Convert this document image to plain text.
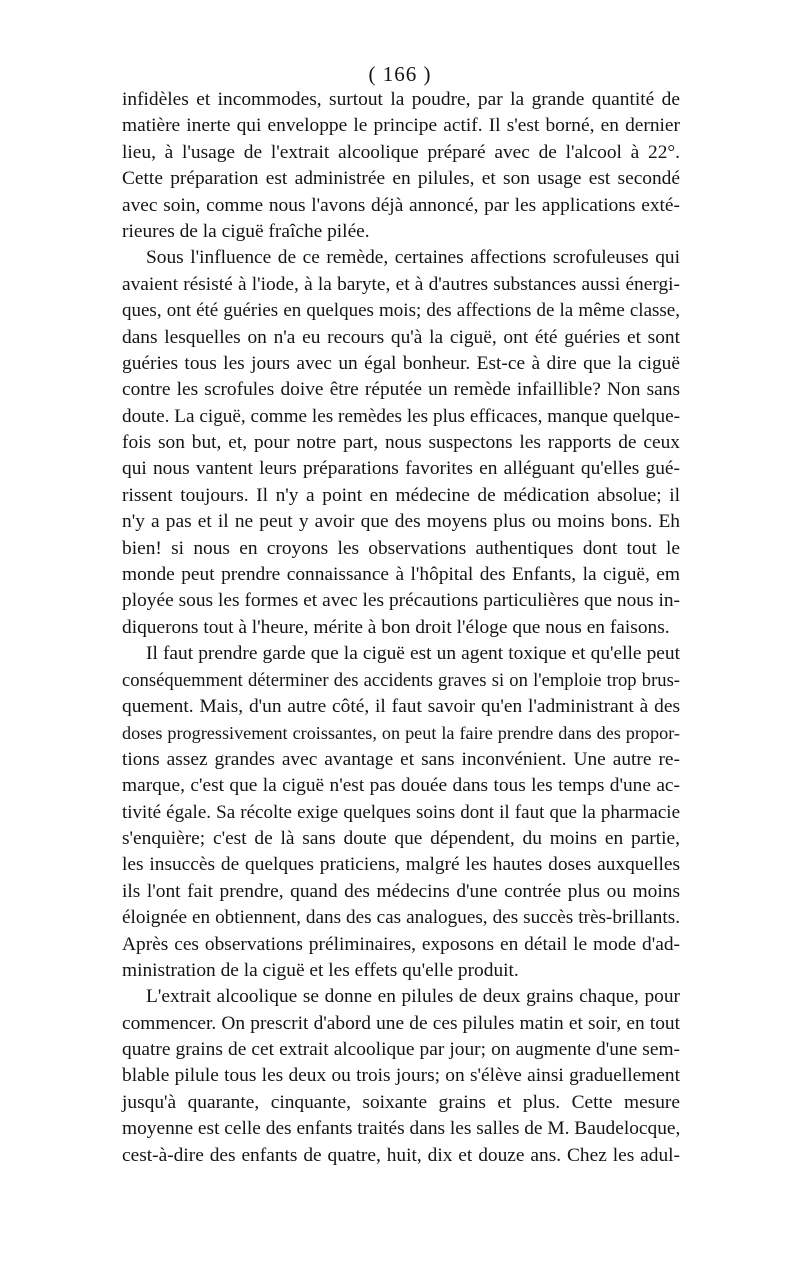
( 166 )
infidèles et incommodes, surtout la poudre, par la grande quantité de
matière inerte qui enveloppe le principe actif. Il s'est borné, en dernier
lieu, à l'usage de l'extrait alcoolique préparé avec de l'alcool à 22°.
Cette préparation est administrée en pilules, et son usage est secondé
avec soin, comme nous l'avons déjà annoncé, par les applications exté-
rieures de la ciguë fraîche pilée.
Sous l'influence de ce remède, certaines affections scrofuleuses qui
avaient résisté à l'iode, à la baryte, et à d'autres substances aussi énergi-
ques, ont été guéries en quelques mois; des affections de la même classe,
dans lesquelles on n'a eu recours qu'à la ciguë, ont été guéries et sont
guéries tous les jours avec un égal bonheur. Est-ce à dire que la ciguë
contre les scrofules doive être réputée un remède infaillible? Non sans
doute. La ciguë, comme les remèdes les plus efficaces, manque quelque-
fois son but, et, pour notre part, nous suspectons les rapports de ceux
qui nous vantent leurs préparations favorites en alléguant qu'elles gué-
rissent toujours. Il n'y a point en médecine de médication absolue; il
n'y a pas et il ne peut y avoir que des moyens plus ou moins bons. Eh
bien! si nous en croyons les observations authentiques dont tout le
monde peut prendre connaissance à l'hôpital des Enfants, la ciguë, em
ployée sous les formes et avec les précautions particulières que nous in-
diquerons tout à l'heure, mérite à bon droit l'éloge que nous en faisons.
Il faut prendre garde que la ciguë est un agent toxique et qu'elle peut
conséquemment déterminer des accidents graves si on l'emploie trop brus-
quement. Mais, d'un autre côté, il faut savoir qu'en l'administrant à des
doses progressivement croissantes, on peut la faire prendre dans des propor-
tions assez grandes avec avantage et sans inconvénient. Une autre re-
marque, c'est que la ciguë n'est pas douée dans tous les temps d'une ac-
tivité égale. Sa récolte exige quelques soins dont il faut que la pharmacie
s'enquière; c'est de là sans doute que dépendent, du moins en partie,
les insuccès de quelques praticiens, malgré les hautes doses auxquelles
ils l'ont fait prendre, quand des médecins d'une contrée plus ou moins
éloignée en obtiennent, dans des cas analogues, des succès très-brillants.
Après ces observations préliminaires, exposons en détail le mode d'ad-
ministration de la ciguë et les effets qu'elle produit.
L'extrait alcoolique se donne en pilules de deux grains chaque, pour
commencer. On prescrit d'abord une de ces pilules matin et soir, en tout
quatre grains de cet extrait alcoolique par jour; on augmente d'une sem-
blable pilule tous les deux ou trois jours; on s'élève ainsi graduellement
jusqu'à quarante, cinquante, soixante grains et plus. Cette mesure
moyenne est celle des enfants traités dans les salles de M. Baudelocque,
cest-à-dire des enfants de quatre, huit, dix et douze ans. Chez les adul-
